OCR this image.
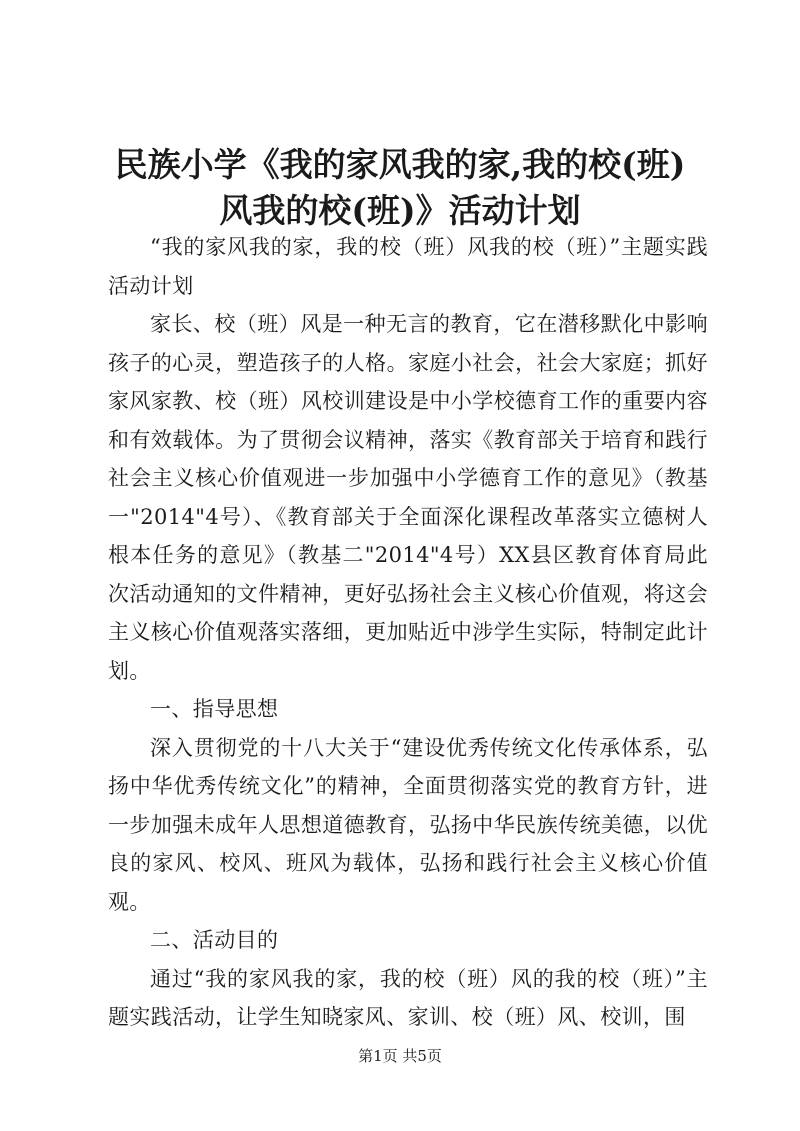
民族小学《我的家风我的家,我的校(班)风我的校(班)》活动计划

“我的家风我的家，我的校（班）风我的校（班）”主题实践活动计划

家长、校（班）风是一种无言的教育，它在潜移默化中影响孩子的心灵，塑造孩子的人格。家庭小社会，社会大家庭；抓好家风家教、校（班）风校训建设是中小学校德育工作的重要内容和有效载体。为了贯彻会议精神，落实《教育部关于培育和践行社会主义核心价值观进一步加强中小学德育工作的意见》（教基一"2014"4号）、《教育部关于全面深化课程改革落实立德树人根本任务的意见》（教基二"2014"4号）XX县区教育体育局此次活动通知的文件精神，更好弘扬社会主义核心价值观，将这会主义核心价值观落实落细，更加贴近中涉学生实际，特制定此计划。

一、指导思想

深入贯彻党的十八大关于“建设优秀传统文化传承体系，弘扬中华优秀传统文化”的精神，全面贯彻落实党的教育方针，进一步加强未成年人思想道德教育，弘扬中华民族传统美德，以优良的家风、校风、班风为载体，弘扬和践行社会主义核心价值观。

二、活动目的

通过“我的家风我的家，我的校（班）风的我的校（班）”主题实践活动，让学生知晓家风、家训、校（班）风、校训，围

第1页 共5页
